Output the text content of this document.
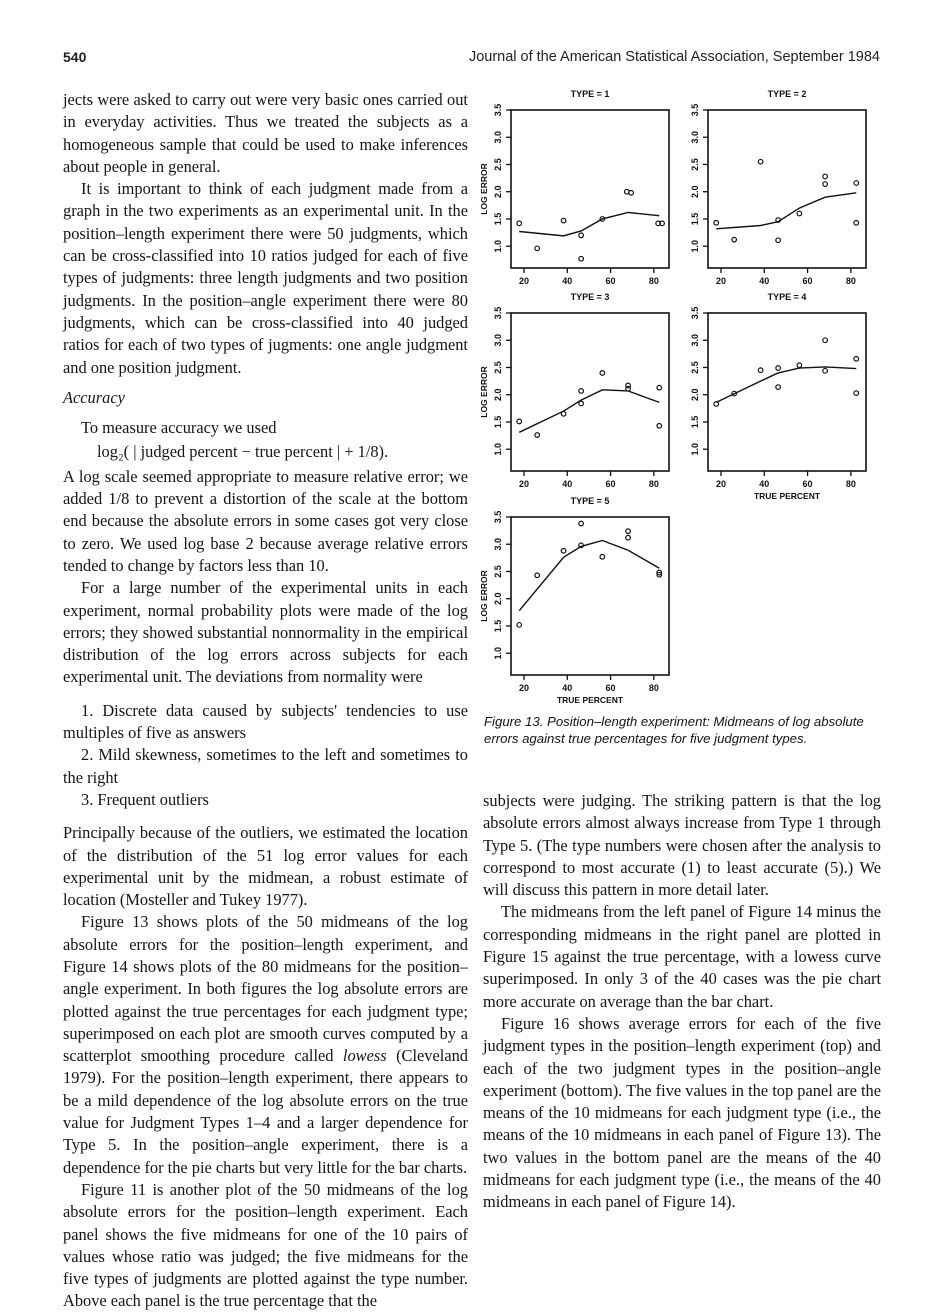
540	Journal of the American Statistical Association, September 1984

jects were asked to carry out were very basic ones carried out in everyday activities. Thus we treated the subjects as a homogeneous sample that could be used to make inferences about people in general.

It is important to think of each judgment made from a graph in the two experiments as an experimental unit. In the position–length experiment there were 50 judgments, which can be cross-classified into 10 ratios judged for each of five types of judgments: three length judgments and two position judgments. In the position–angle experiment there were 80 judgments, which can be cross-classified into 40 judged ratios for each of two types of jugments: one angle judgment and one position judgment.

Accuracy

To measure accuracy we used

log₂( | judged percent − true percent | + 1/8).

A log scale seemed appropriate to measure relative error; we added 1/8 to prevent a distortion of the scale at the bottom end because the absolute errors in some cases got very close to zero. We used log base 2 because average relative errors tended to change by factors less than 10.

For a large number of the experimental units in each experiment, normal probability plots were made of the log errors; they showed substantial nonnormality in the empirical distribution of the log errors across subjects for each experimental unit. The deviations from normality were

1. Discrete data caused by subjects' tendencies to use multiples of five as answers

2. Mild skewness, sometimes to the left and sometimes to the right

3. Frequent outliers

Principally because of the outliers, we estimated the location of the distribution of the 51 log error values for each experimental unit by the midmean, a robust estimate of location (Mosteller and Tukey 1977).

Figure 13 shows plots of the 50 midmeans of the log absolute errors for the position–length experiment, and Figure 14 shows plots of the 80 midmeans for the position–angle experiment. In both figures the log absolute errors are plotted against the true percentages for each judgment type; superimposed on each plot are smooth curves computed by a scatterplot smoothing procedure called lowess (Cleveland 1979). For the position–length experiment, there appears to be a mild dependence of the log absolute errors on the true value for Judgment Types 1–4 and a larger dependence for Type 5. In the position–angle experiment, there is a dependence for the pie charts but very little for the bar charts.

Figure 11 is another plot of the 50 midmeans of the log absolute errors for the position–length experiment. Each panel shows the five midmeans for one of the 10 pairs of values whose ratio was judged; the five midmeans for the five types of judgments are plotted against the type number. Above each panel is the true percentage that the

TYPE = 1
20	40	60	80
1.0
1.5
2.0
2.5
3.0
3.5
LOG ERROR
TYPE = 2
20	40	60	80
1.0
1.5
2.0
2.5
3.0
3.5
TYPE = 3
20	40	60	80
1.0
1.5
2.0
2.5
3.0
3.5
LOG ERROR
TYPE = 4
20	40	60	80
1.0
1.5
2.0
2.5
3.0
3.5
TRUE PERCENT
TYPE = 5
20	40	60	80
1.0
1.5
2.0
2.5
3.0
3.5
LOG ERROR
TRUE PERCENT
Figure 13. Position–length experiment: Midmeans of log absolute errors against true percentages for five judgment types.

subjects were judging. The striking pattern is that the log absolute errors almost always increase from Type 1 through Type 5. (The type numbers were chosen after the analysis to correspond to most accurate (1) to least accurate (5).) We will discuss this pattern in more detail later.

The midmeans from the left panel of Figure 14 minus the corresponding midmeans in the right panel are plotted in Figure 15 against the true percentage, with a lowess curve superimposed. In only 3 of the 40 cases was the pie chart more accurate on average than the bar chart.

Figure 16 shows average errors for each of the five judgment types in the position–length experiment (top) and each of the two judgment types in the position–angle experiment (bottom). The five values in the top panel are the means of the 10 midmeans for each judgment type (i.e., the means of the 10 midmeans in each panel of Figure 13). The two values in the bottom panel are the means of the 40 midmeans for each judgment type (i.e., the means of the 40 midmeans in each panel of Figure 14).
